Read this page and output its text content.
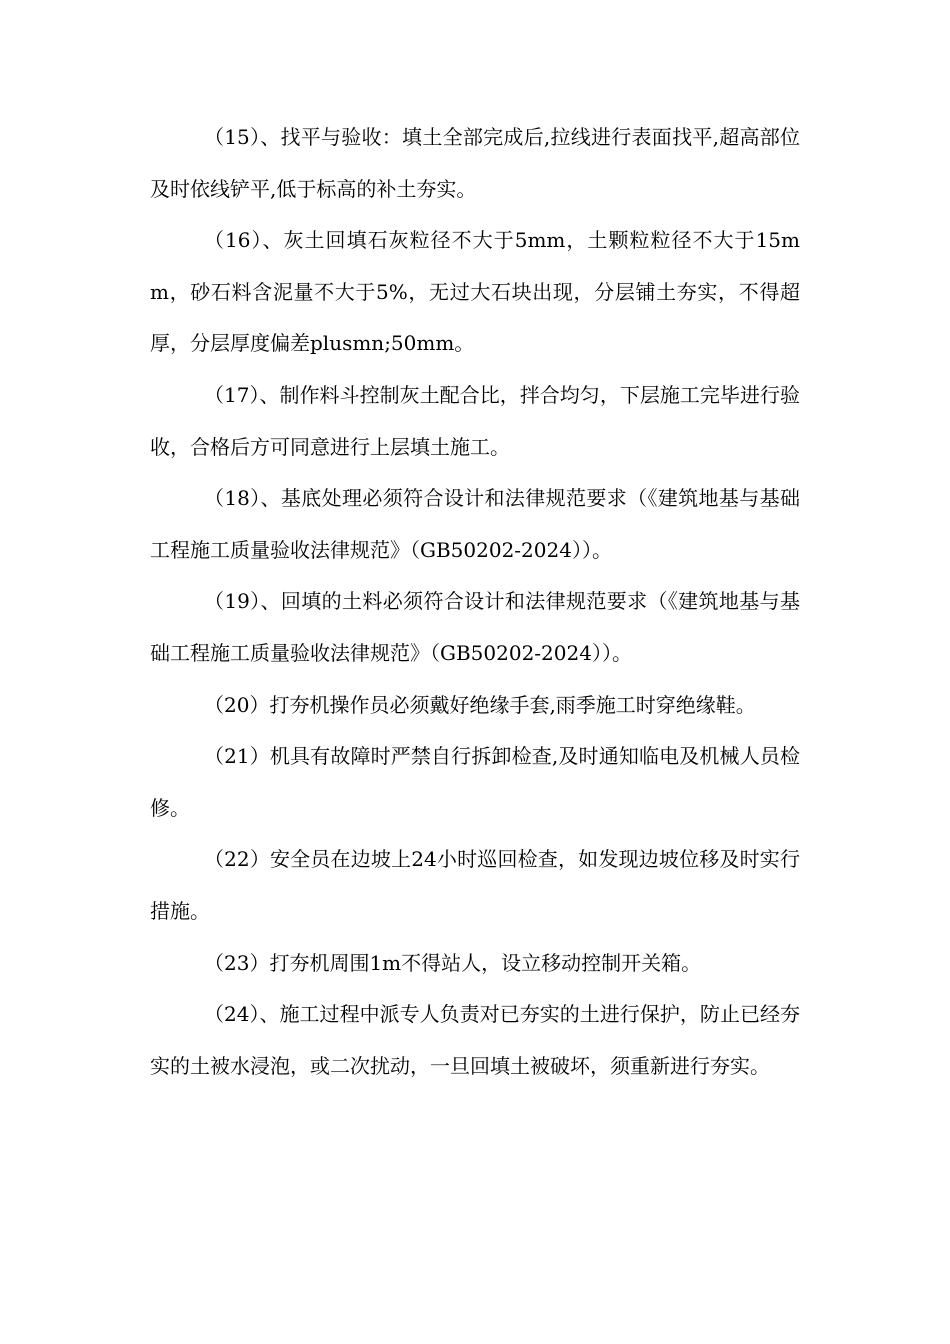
（15）、找平与验收：填土全部完成后,拉线进行表面找平,超高部位及时依线铲平,低于标高的补土夯实。

（16）、灰土回填石灰粒径不大于5mm，土颗粒粒径不大于15mm，砂石料含泥量不大于5%，无过大石块出现，分层铺土夯实，不得超厚，分层厚度偏差plusmn;50mm。

（17）、制作料斗控制灰土配合比，拌合均匀，下层施工完毕进行验收，合格后方可同意进行上层填土施工。

（18）、基底处理必须符合设计和法律规范要求（《建筑地基与基础工程施工质量验收法律规范》（GB50202-2024））。

（19）、回填的土料必须符合设计和法律规范要求（《建筑地基与基础工程施工质量验收法律规范》（GB50202-2024））。

（20）打夯机操作员必须戴好绝缘手套,雨季施工时穿绝缘鞋。

（21）机具有故障时严禁自行拆卸检查,及时通知临电及机械人员检修。

（22）安全员在边坡上24小时巡回检查，如发现边坡位移及时实行措施。

（23）打夯机周围1m不得站人，设立移动控制开关箱。

（24）、施工过程中派专人负责对已夯实的土进行保护，防止已经夯实的土被水浸泡，或二次扰动，一旦回填土被破坏，须重新进行夯实。
